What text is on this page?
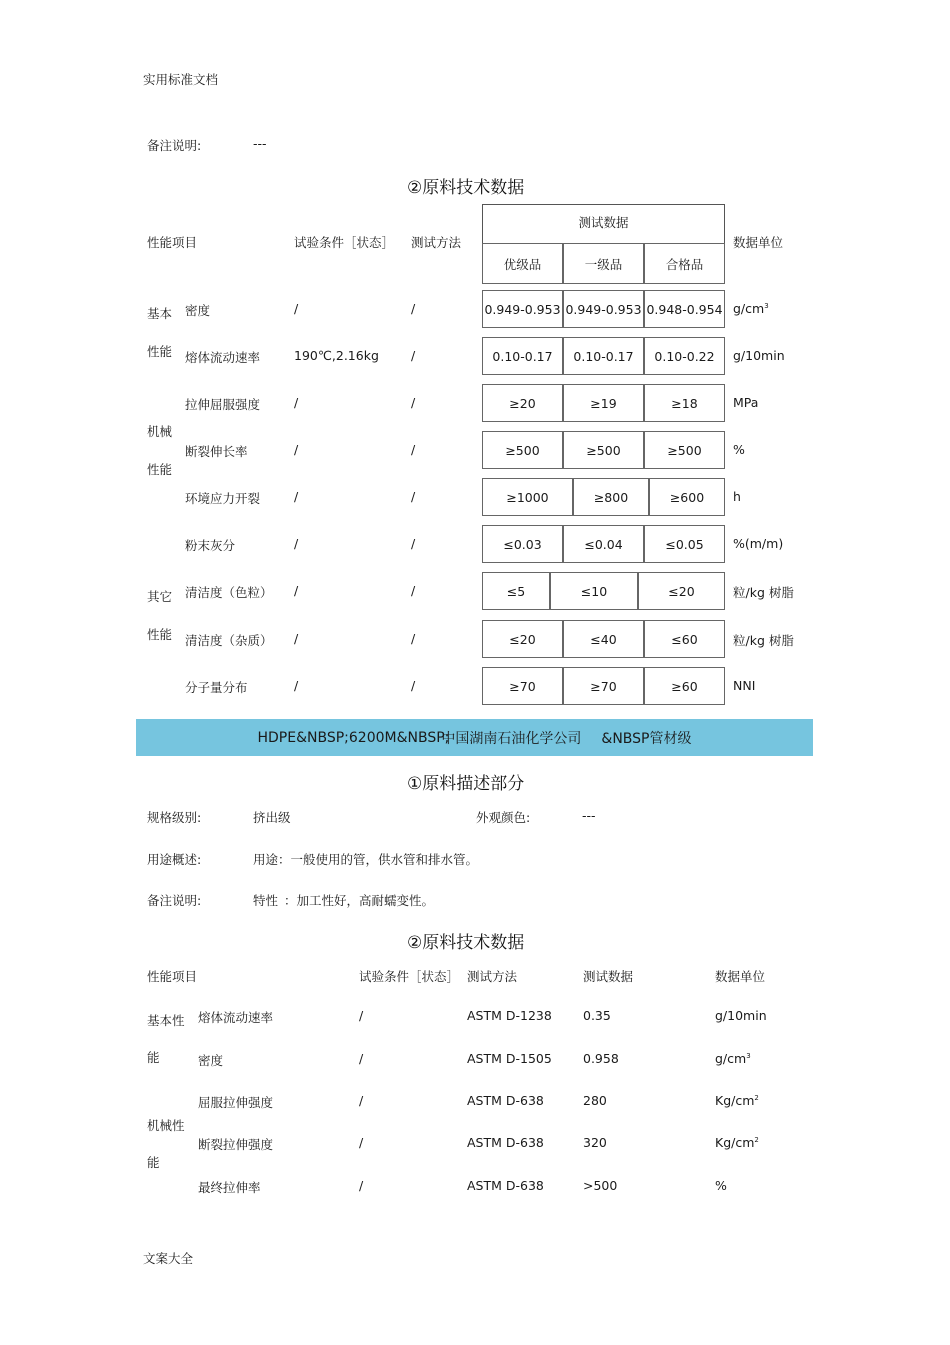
实用标准文档
备注说明:	---
②原料技术数据
性能项目	试验条件［状态］ 测试方法
测试数据
优级品	一级品	合格品
数据单位
基本
性能
机械
性能
其它
性能
密度	/	/	0.949-0.953 0.949-0.953 0.948-0.954 $g/cm^3$
熔体流动速率	190℃,2.16kg	/	0.10-0.17	0.10-0.17	0.10-0.22	g/10min
拉伸屈服强度	/	/	≥20	≥19	≥18	MPa
断裂伸长率	/	/	≥500	≥500	≥500	%
环境应力开裂	/	/	≥1000	≥800	≥600	h
粉末灰分	/	/	≤0.03	≤0.04	≤0.05	%(m/m)
清洁度（色粒） /	/	≤5	≤10	≤20	粒/kg 树脂
清洁度（杂质） /	/	≤20	≤40	≤60	粒/kg 树脂
分子量分布	/	/	≥70	≥70	≥60	NNI
HDPE&NBSP;6200M&NBSP;
中国湖南石油化学公司 &NBSP管材级
①原料描述部分
规格级别:	挤出级	外观颜色:	---
用途概述:	用途：一般使用的管，供水管和排水管。
备注说明:	特性 ：加工性好，高耐蠕变性。
②原料技术数据
性能项目	试验条件［状态］ 测试方法	测试数据	数据单位
基本性
能
机械性
能
熔体流动速率	/	ASTM D-1238 0.35	g/10min
密度	/	ASTM D-1505 0.958	$g/cm^3$
屈服拉伸强度	/	ASTM D-638	280	$Kg/cm^2$
断裂拉伸强度	/	ASTM D-638	320	$Kg/cm^2$
最终拉伸率	/	ASTM D-638	>500	%
文案大全
